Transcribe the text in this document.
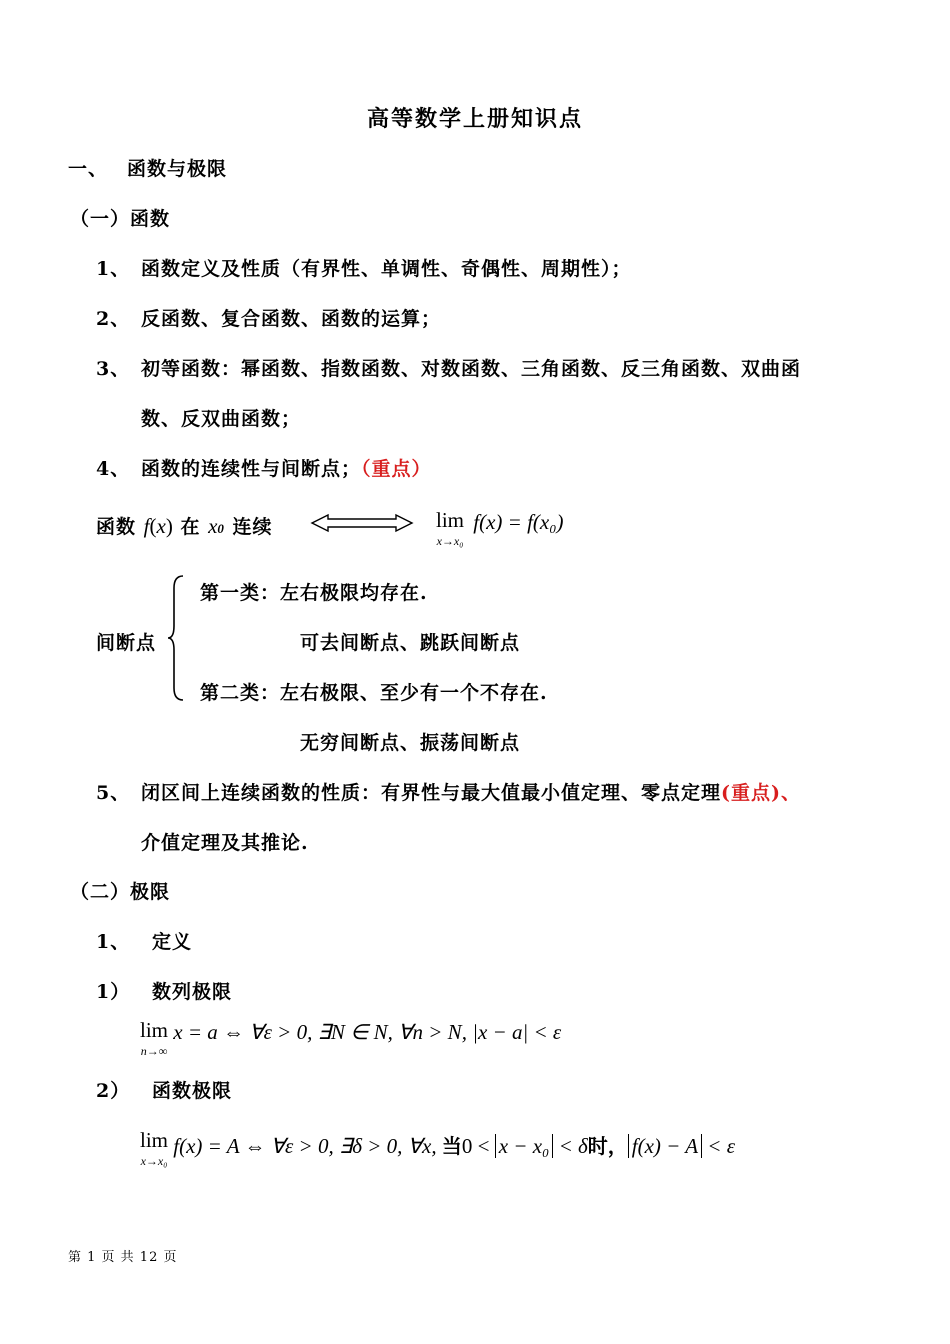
高等数学上册知识点
一、 函数与极限
（一）函数
1、 函数定义及性质（有界性、单调性、奇偶性、周期性）；
2、 反函数、复合函数、函数的运算；
3、 初等函数：幂函数、指数函数、对数函数、三角函数、反三角函数、双曲函
数、反双曲函数；
4、 函数的连续性与间断点；（重点）
函数 f(x) 在 x0 连续	lim
x→x₀
f(x) = f(x₀)
间断点
第一类：左右极限均存在.
可去间断点、跳跃间断点
第二类：左右极限、至少有一个不存在.
无穷间断点、振荡间断点
5、 闭区间上连续函数的性质：有界性与最大值最小值定理、零点定理(重点)、
介值定理及其推论.
（二）极限
1、 定义
1） 数列极限
lim
n→∞
x = a ⇔ ∀ε > 0, ∃N ∈ N, ∀n > N, |x − a| < ε
2） 函数极限
lim
x→x₀
f(x) = A ⇔ ∀ε > 0, ∃δ > 0, ∀x, 当0 < x − x₀ < δ时， f(x) − A < ε
第 1 页 共 12 页
